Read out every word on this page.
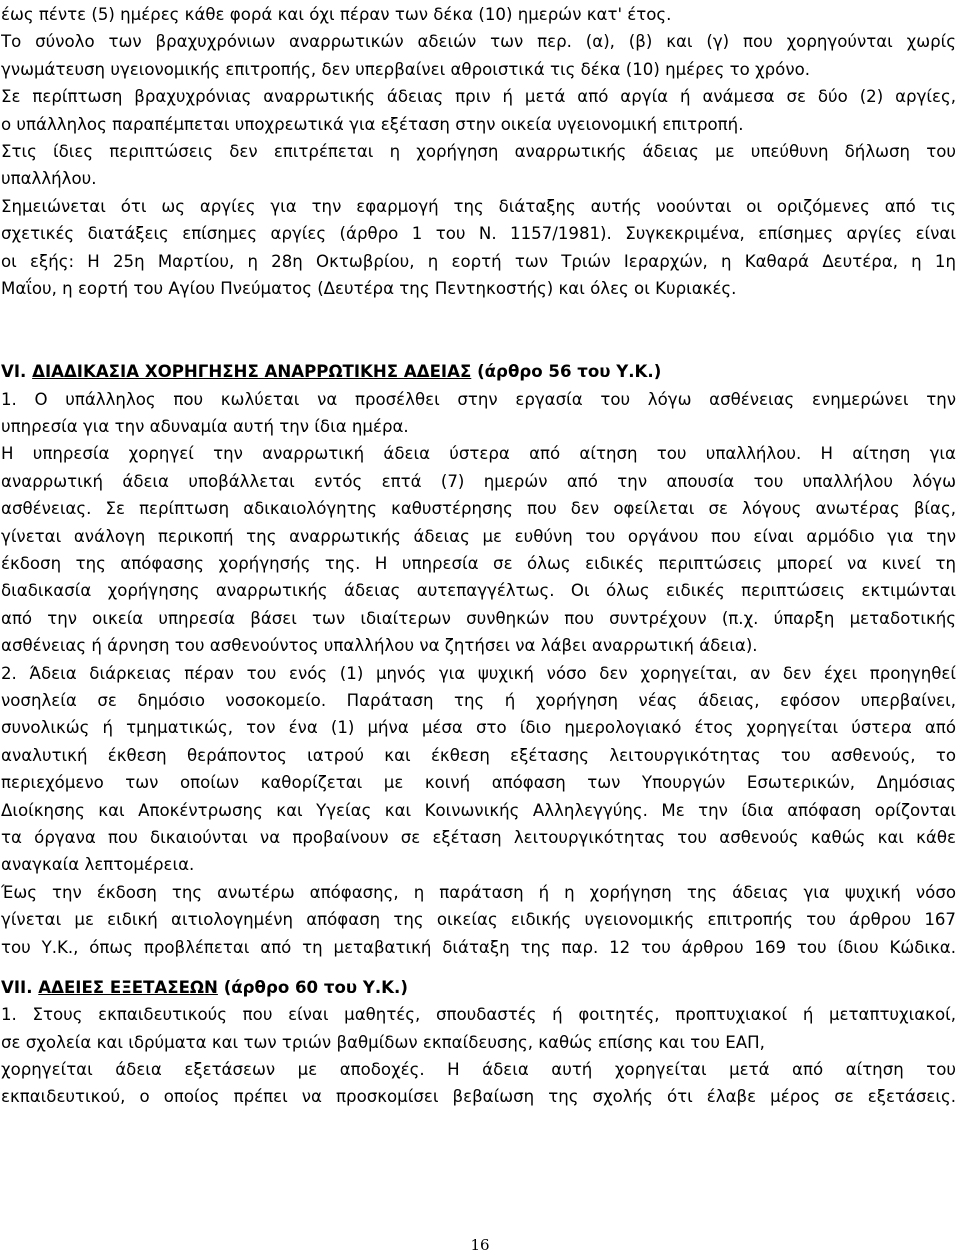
έως πέντε (5) ημέρες κάθε φορά και όχι πέραν των δέκα (10) ημερών κατ' έτος.
Το σύνολο των βραχυχρόνιων αναρρωτικών αδειών των περ. (α), (β) και (γ) που χορηγούνται χωρίς
γνωμάτευση υγειονομικής επιτροπής, δεν υπερβαίνει αθροιστικά τις δέκα (10) ημέρες το χρόνο.
Σε περίπτωση βραχυχρόνιας αναρρωτικής άδειας πριν ή μετά από αργία ή ανάμεσα σε δύο (2) αργίες,
ο υπάλληλος παραπέμπεται υποχρεωτικά για εξέταση στην οικεία υγειονομική επιτροπή.
Στις ίδιες περιπτώσεις δεν επιτρέπεται η χορήγηση αναρρωτικής άδειας με υπεύθυνη δήλωση του
υπαλλήλου.
Σημειώνεται ότι ως αργίες για την εφαρμογή της διάταξης αυτής νοούνται οι οριζόμενες από τις
σχετικές διατάξεις επίσημες αργίες (άρθρο 1 του Ν. 1157/1981). Συγκεκριμένα, επίσημες αργίες είναι
οι εξής: Η 25η Μαρτίου, η 28η Οκτωβρίου, η εορτή των Τριών Ιεραρχών, η Καθαρά Δευτέρα, η 1η
Μαΐου, η εορτή του Αγίου Πνεύματος (Δευτέρα της Πεντηκοστής) και όλες οι Κυριακές.
VI. ΔΙΑΔΙΚΑΣΙΑ ΧΟΡΗΓΗΣΗΣ ΑΝΑΡΡΩΤΙΚΗΣ ΑΔΕΙΑΣ (άρθρο 56 του Υ.Κ.)
1. Ο υπάλληλος που κωλύεται να προσέλθει στην εργασία του λόγω ασθένειας ενημερώνει την
υπηρεσία για την αδυναμία αυτή την ίδια ημέρα.
Η υπηρεσία χορηγεί την αναρρωτική άδεια ύστερα από αίτηση του υπαλλήλου. Η αίτηση για
αναρρωτική άδεια υποβάλλεται εντός επτά (7) ημερών από την απουσία του υπαλλήλου λόγω
ασθένειας. Σε περίπτωση αδικαιολόγητης καθυστέρησης που δεν οφείλεται σε λόγους ανωτέρας βίας,
γίνεται ανάλογη περικοπή της αναρρωτικής άδειας με ευθύνη του οργάνου που είναι αρμόδιο για την
έκδοση της απόφασης χορήγησής της. Η υπηρεσία σε όλως ειδικές περιπτώσεις μπορεί να κινεί τη
διαδικασία χορήγησης αναρρωτικής άδειας αυτεπαγγέλτως. Οι όλως ειδικές περιπτώσεις εκτιμώνται
από την οικεία υπηρεσία βάσει των ιδιαίτερων συνθηκών που συντρέχουν (π.χ. ύπαρξη μεταδοτικής
ασθένειας ή άρνηση του ασθενούντος υπαλλήλου να ζητήσει να λάβει αναρρωτική άδεια).
2. Άδεια διάρκειας πέραν του ενός (1) μηνός για ψυχική νόσο δεν χορηγείται, αν δεν έχει προηγηθεί
νοσηλεία σε δημόσιο νοσοκομείο. Παράταση της ή χορήγηση νέας άδειας, εφόσον υπερβαίνει,
συνολικώς ή τμηματικώς, τον ένα (1) μήνα μέσα στο ίδιο ημερολογιακό έτος χορηγείται ύστερα από
αναλυτική έκθεση θεράποντος ιατρού και έκθεση εξέτασης λειτουργικότητας του ασθενούς, το
περιεχόμενο των οποίων καθορίζεται με κοινή απόφαση των Υπουργών Εσωτερικών, Δημόσιας
Διοίκησης και Αποκέντρωσης και Υγείας και Κοινωνικής Αλληλεγγύης. Με την ίδια απόφαση ορίζονται
τα όργανα που δικαιούνται να προβαίνουν σε εξέταση λειτουργικότητας του ασθενούς καθώς και κάθε
αναγκαία λεπτομέρεια.
Έως την έκδοση της ανωτέρω απόφασης, η παράταση ή η χορήγηση της άδειας για ψυχική νόσο
γίνεται με ειδική αιτιολογημένη απόφαση της οικείας ειδικής υγειονομικής επιτροπής του άρθρου 167
του Υ.Κ., όπως προβλέπεται από τη μεταβατική διάταξη της παρ. 12 του άρθρου 169 του ίδιου Κώδικα.
VII. ΑΔΕΙΕΣ ΕΞΕΤΑΣΕΩΝ (άρθρο 60 του Υ.Κ.)
1. Στους εκπαιδευτικούς που είναι μαθητές, σπουδαστές ή φοιτητές, προπτυχιακοί ή μεταπτυχιακοί,
σε σχολεία και ιδρύματα και των τριών βαθμίδων εκπαίδευσης, καθώς επίσης και του ΕΑΠ,
χορηγείται άδεια εξετάσεων με αποδοχές. Η άδεια αυτή χορηγείται μετά από αίτηση του
εκπαιδευτικού, ο οποίος πρέπει να προσκομίσει βεβαίωση της σχολής ότι έλαβε μέρος σε εξετάσεις.
16
